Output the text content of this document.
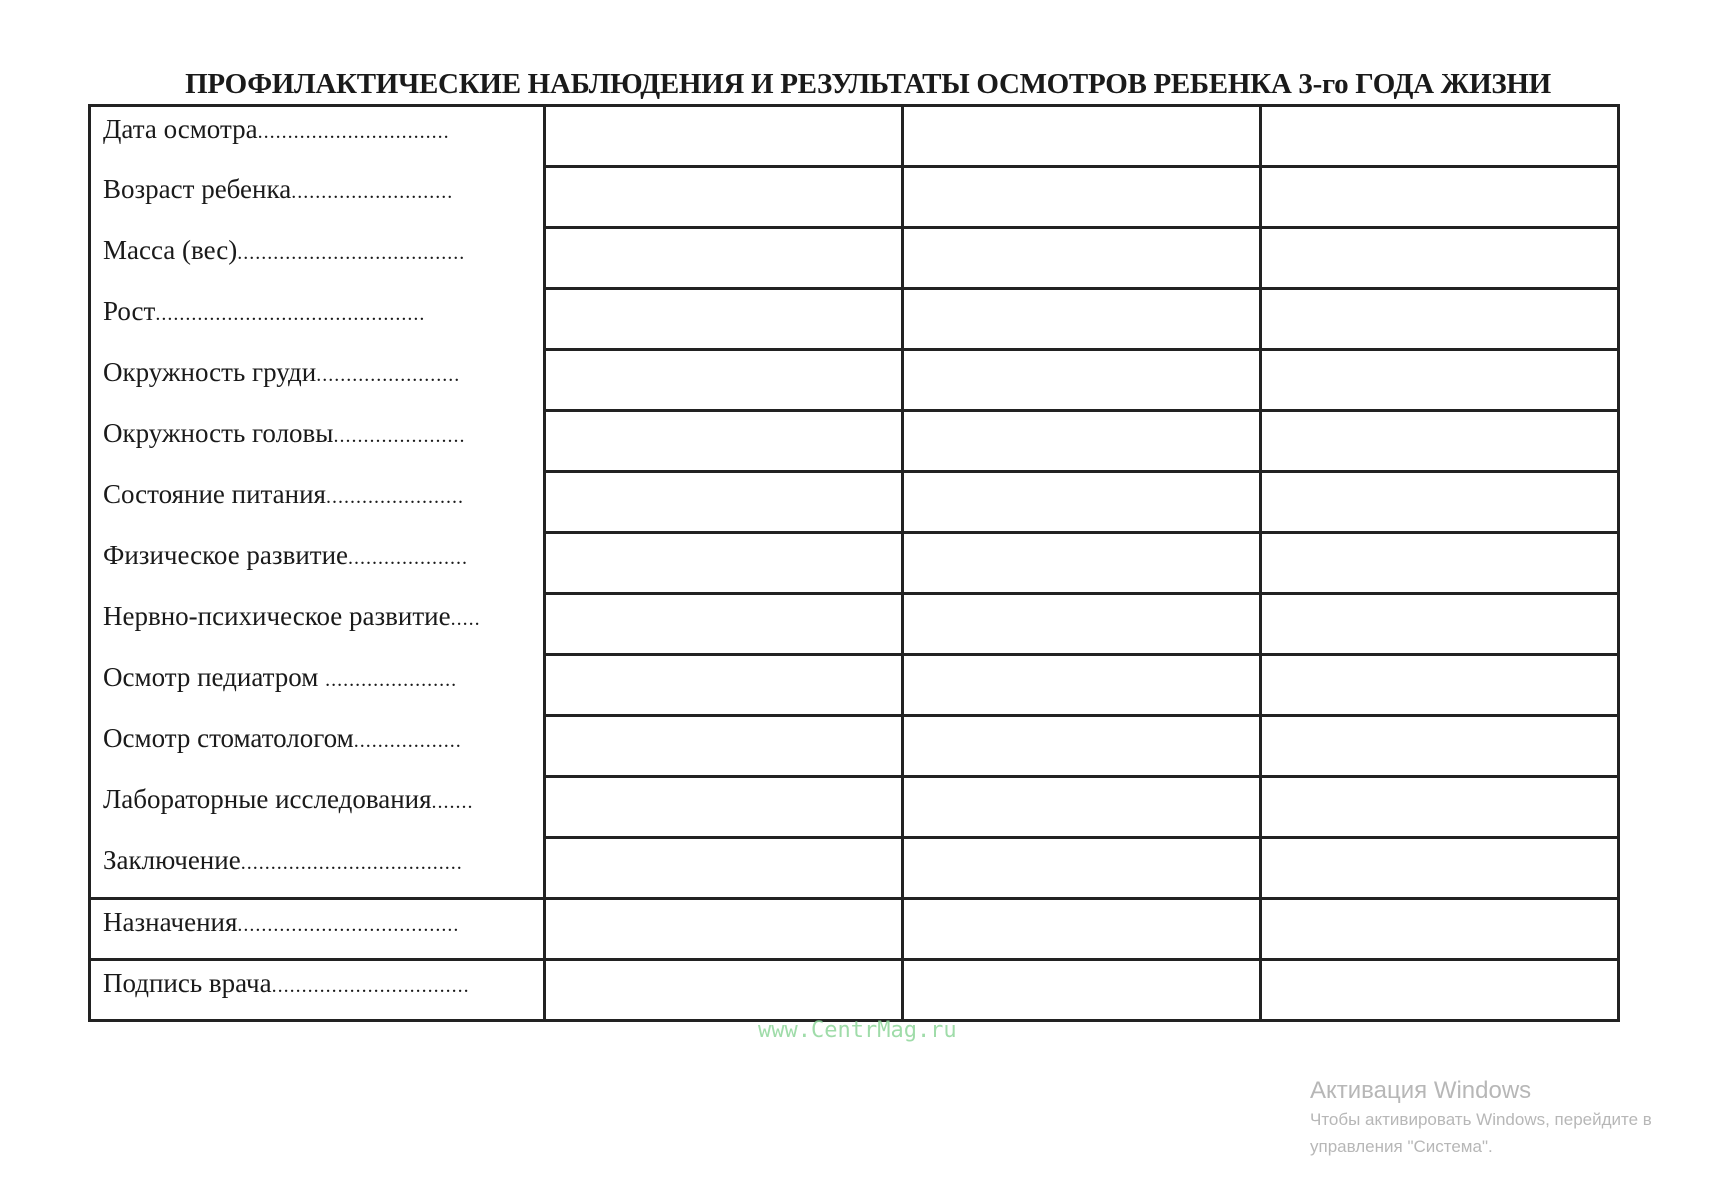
ПРОФИЛАКТИЧЕСКИЕ НАБЛЮДЕНИЯ И РЕЗУЛЬТАТЫ ОСМОТРОВ РЕБЕНКА 3-го ГОДА ЖИЗНИ
Дата осмотра................................			
Возраст ребенка...........................			
Масса (вес)......................................			
Рост.............................................			
Окружность груди........................			
Окружность головы......................			
Состояние питания.......................			
Физическое развитие....................			
Нервно-психическое развитие.....			
Осмотр педиатром ......................			
Осмотр стоматологом..................			
Лабораторные исследования.......			
Заключение.....................................			
Назначения.....................................			
Подпись врача.................................			
www.CentrMag.ru
Активация Windows
Чтобы активировать Windows, перейдите в
управления "Система".
